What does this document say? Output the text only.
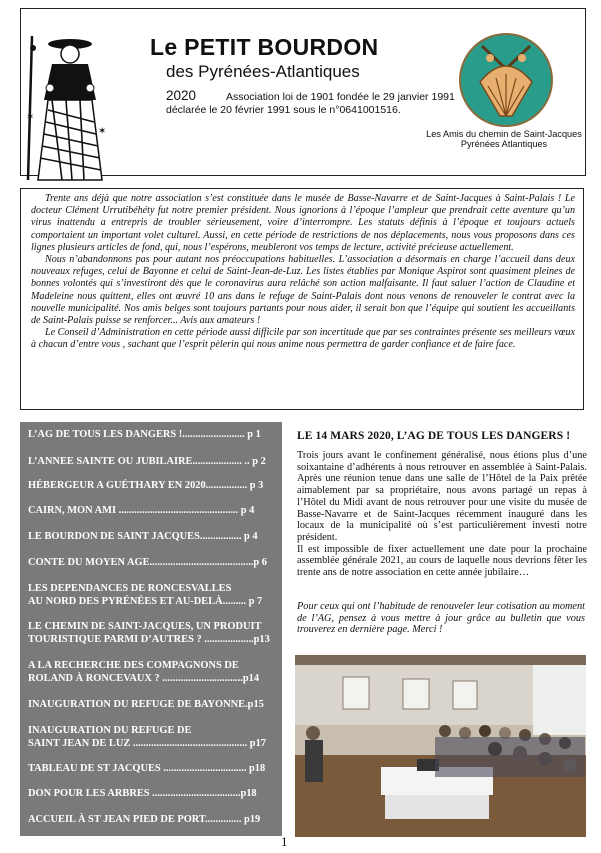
✶
✶
Le PETIT BOURDON
des Pyrénées-Atlantiques
2020	Association loi de 1901 fondée le 29 janvier 1991
déclarée le 20 février 1991 sous le n°0641001516.
Les Amis du chemin de Saint-Jacques Pyrénées Atlantiques

Trente ans déjà que notre association s’est constituée dans le musée de Basse-Navarre et de Saint-Jacques à Saint-Palais ! Le docteur Clément Urrutibéhéty fut notre premier président. Nous ignorions à l’époque l’ampleur que prendrait cette aventure qu’un virus inattendu a entrepris de troubler sérieusement, voire d’interrompre. Les statuts définis à l’époque et toujours actuels comportaient un important volet culturel. Aussi, en cette période de restrictions de nos déplacements, nous vous proposons dans ces lignes plusieurs articles de fond, qui, nous l’espérons, meubleront vos temps de lecture, activité précieuse actuellement.

Nous n’abandonnons pas pour autant nos préoccupations habituelles. L’association a désormais en charge l’accueil dans deux nouveaux refuges, celui de Bayonne et celui de Saint-Jean-de-Luz. Les listes établies par Monique Aspirot sont quasiment pleines de bonnes volontés qui s’investiront dès que le coronavirus aura relâché son action malfaisante. Il faut saluer l’action de Claudine et Madeleine nous quittent, elles ont œuvré 10 ans dans le refuge de Saint-Palais dont nous venons de renouveler le contrat avec la nouvelle municipalité. Nos amis belges sont toujours partants pour nous aider, il serait bon que l’équipe qui soutient les accueillants de Saint-Palais puisse se renforcer... Avis aux amateurs !

Le Conseil d’Administration en cette période aussi difficile par son incertitude que par ses contraintes présente ses meilleurs vœux à chacun d’entre vous , sachant que l’esprit pèlerin qui nous anime nous permettra de garder confiance et de faire face.

L’AG DE TOUS LES DANGERS !........................ p 1
L’ANNEE SAINTE OU JUBILAIRE................... .. p 2
HÉBERGEUR A GUÉTHARY EN 2020................ p 3
CAIRN, MON AMI .............................................. p 4
LE BOURDON DE SAINT JACQUES................ p 4
CONTE DU MOYEN AGE........................................p 6
LES DEPENDANCES DE RONCESVALLES
AU NORD DES PYRÉNÉES ET AU-DELÀ......... p 7
LE CHEMIN DE SAINT-JACQUES, UN PRODUIT
TOURISTIQUE PARMI D’AUTRES ? ...................p13
A LA RECHERCHE DES COMPAGNONS DE
ROLAND À RONCEVAUX ? ...............................p14
INAUGURATION DU REFUGE DE BAYONNE.p15
INAUGURATION DU REFUGE DE
SAINT JEAN DE LUZ ............................................ p17
TABLEAU DE ST JACQUES ................................ p18
DON POUR LES ARBRES ..................................p18
ACCUEIL À ST JEAN PIED DE PORT.............. p19
LE 14 MARS 2020, L’AG DE TOUS LES DANGERS !

Trois jours avant le confinement généralisé, nous étions plus d’une soixantaine d’adhérents à nous retrouver en assemblée à Saint-Palais. Après une réunion tenue dans une salle de l’Hôtel de la Paix prêtée aimablement par sa propriétaire, nous avons partagé un repas à l’Hôtel du Midi avant de nous retrouver pour une visite du musée de Basse-Navarre et de Saint-Jacques récemment inauguré dans les locaux de la municipalité où s’est particulièrement investi notre président.

Il est impossible de fixer actuellement une date pour la prochaine assemblée générale 2021, au cours de laquelle nous devrions fêter les trente ans de notre association en cette année jubilaire…

Pour ceux qui ont l’habitude de renouveler leur cotisation au moment de l’AG, pensez à vous mettre à jour grâce au bulletin que vous trouverez en dernière page. Merci !
1
